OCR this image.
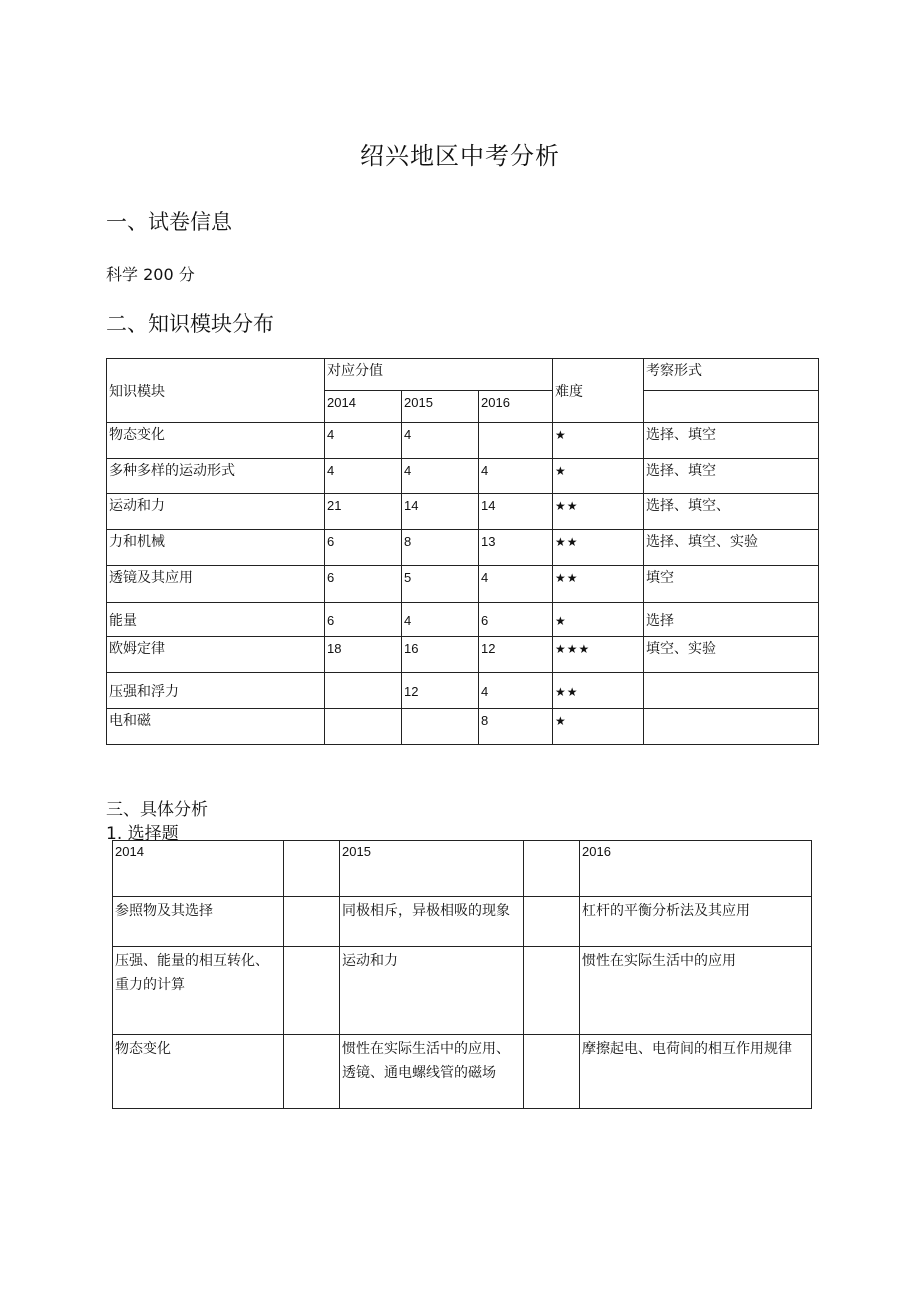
绍兴地区中考分析
一、试卷信息
科学 200 分
二、知识模块分布
知识模块	对应分值			难度	考察形式
	2014	2015	2016		
物态变化	4	4		★	选择、填空
多种多样的运动形式	4	4	4	★	选择、填空
运动和力	21	14	14	★★	选择、填空、
力和机械	6	8	13	★★	选择、填空、实验
透镜及其应用	6	5	4	★★	填空
能量	6	4	6	★	选择
欧姆定律	18	16	12	★★★	填空、实验
压强和浮力		12	4	★★	
电和磁			8	★	
三、具体分析
1. 选择题
2014		2015		2016
参照物及其选择		同极相斥，异极相吸的现象		杠杆的平衡分析法及其应用
压强、能量的相互转化、重力的计算		运动和力		惯性在实际生活中的应用
物态变化		惯性在实际生活中的应用、透镜、通电螺线管的磁场		摩擦起电、电荷间的相互作用规律
